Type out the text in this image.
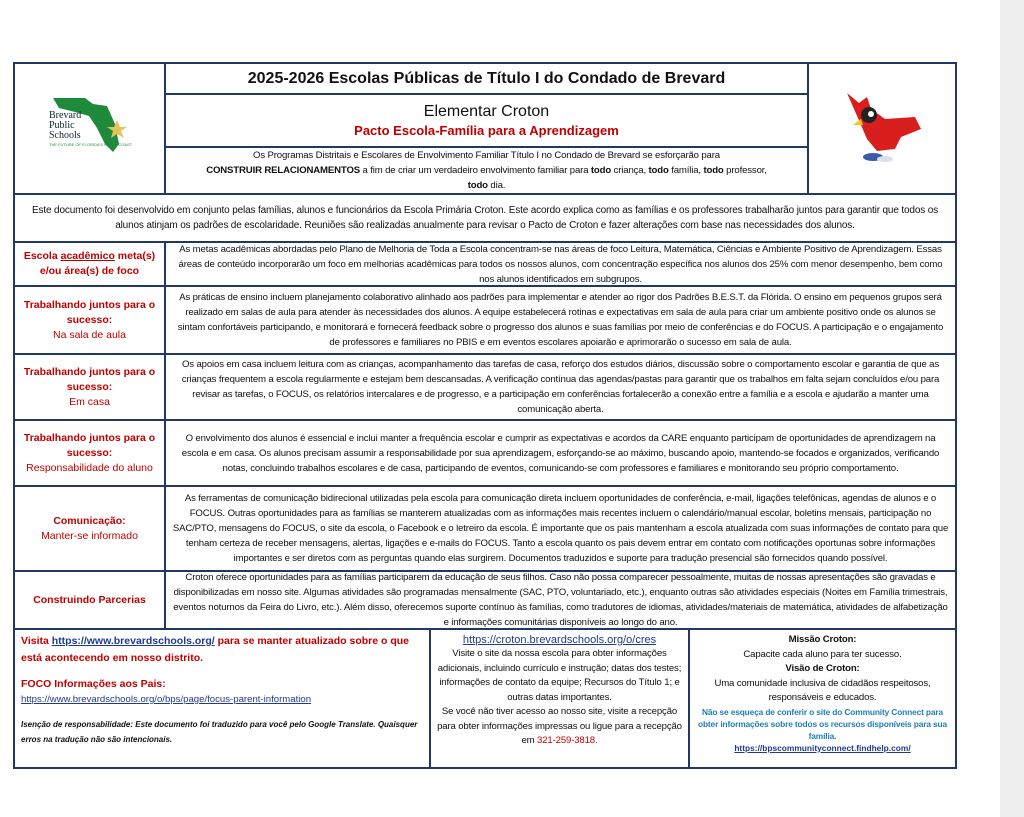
Brevard
Public
Schools
THE FUTURE OF FLORIDA'S SPACE COAST
2025-2026 Escolas Públicas de Título I do Condado de Brevard
Elementar Croton
Pacto Escola-Família para a Aprendizagem
Os Programas Distritais e Escolares de Envolvimento Familiar Título I no Condado de Brevard se esforçarão para
CONSTRUIR RELACIONAMENTOS a fim de criar um verdadeiro envolvimento familiar para todo criança, todo família, todo professor, todo dia.
Este documento foi desenvolvido em conjunto pelas famílias, alunos e funcionários da Escola Primária Croton. Este acordo explica como as famílias e os professores trabalharão juntos para garantir que todos os alunos atinjam os padrões de escolaridade. Reuniões são realizadas anualmente para revisar o Pacto de Croton e fazer alterações com base nas necessidades dos alunos.
Escola acadêmico meta(s) e/ou área(s) de foco
As metas acadêmicas abordadas pelo Plano de Melhoria de Toda a Escola concentram-se nas áreas de foco Leitura, Matemática, Ciências e Ambiente Positivo de Aprendizagem. Essas áreas de conteúdo incorporarão um foco em melhorias acadêmicas para todos os nossos alunos, com concentração específica nos alunos dos 25% com menor desempenho, bem como nos alunos identificados em subgrupos.
Trabalhando juntos para o sucesso:
Na sala de aula
As práticas de ensino incluem planejamento colaborativo alinhado aos padrões para implementar e atender ao rigor dos Padrões B.E.S.T. da Flórida. O ensino em pequenos grupos será realizado em salas de aula para atender às necessidades dos alunos. A equipe estabelecerá rotinas e expectativas em sala de aula para criar um ambiente positivo onde os alunos se sintam confortáveis participando, e monitorará e fornecerá feedback sobre o progresso dos alunos e suas famílias por meio de conferências e do FOCUS. A participação e o engajamento de professores e familiares no PBIS e em eventos escolares apoiarão e aprimorarão o sucesso em sala de aula.
Trabalhando juntos para o sucesso:
Em casa
Os apoios em casa incluem leitura com as crianças, acompanhamento das tarefas de casa, reforço dos estudos diários, discussão sobre o comportamento escolar e garantia de que as crianças frequentem a escola regularmente e estejam bem descansadas. A verificação contínua das agendas/pastas para garantir que os trabalhos em falta sejam concluídos e/ou para revisar as tarefas, o FOCUS, os relatórios intercalares e de progresso, e a participação em conferências fortalecerão a conexão entre a família e a escola e ajudarão a manter uma comunicação aberta.
Trabalhando juntos para o sucesso:
Responsabilidade do aluno
O envolvimento dos alunos é essencial e inclui manter a frequência escolar e cumprir as expectativas e acordos da CARE enquanto participam de oportunidades de aprendizagem na escola e em casa. Os alunos precisam assumir a responsabilidade por sua aprendizagem, esforçando-se ao máximo, buscando apoio, mantendo-se focados e organizados, verificando notas, concluindo trabalhos escolares e de casa, participando de eventos, comunicando-se com professores e familiares e monitorando seu próprio comportamento.
Comunicação:
Manter-se informado
As ferramentas de comunicação bidirecional utilizadas pela escola para comunicação direta incluem oportunidades de conferência, e-mail, ligações telefônicas, agendas de alunos e o FOCUS. Outras oportunidades para as famílias se manterem atualizadas com as informações mais recentes incluem o calendário/manual escolar, boletins mensais, participação no SAC/PTO, mensagens do FOCUS, o site da escola, o Facebook e o letreiro da escola. É importante que os pais mantenham a escola atualizada com suas informações de contato para que tenham certeza de receber mensagens, alertas, ligações e e-mails do FOCUS. Tanto a escola quanto os pais devem entrar em contato com notificações oportunas sobre informações importantes e ser diretos com as perguntas quando elas surgirem. Documentos traduzidos e suporte para tradução presencial são fornecidos quando possível.
Construindo Parcerias
Croton oferece oportunidades para as famílias participarem da educação de seus filhos. Caso não possa comparecer pessoalmente, muitas de nossas apresentações são gravadas e disponibilizadas em nosso site. Algumas atividades são programadas mensalmente (SAC, PTO, voluntariado, etc.), enquanto outras são atividades especiais (Noites em Família trimestrais, eventos noturnos da Feira do Livro, etc.). Além disso, oferecemos suporte contínuo às famílias, como tradutores de idiomas, atividades/materiais de matemática, atividades de alfabetização e informações comunitárias disponíveis ao longo do ano.
Visita https://www.brevardschools.org/ para se manter atualizado sobre o que está acontecendo em nosso distrito.
FOCO Informações aos Pais:
https://www.brevardschools.org/o/bps/page/focus-parent-information
Isenção de responsabilidade: Este documento foi traduzido para você pelo Google Translate. Quaisquer erros na tradução não são intencionais.
https://croton.brevardschools.org/o/cres
Visite o site da nossa escola para obter informações adicionais, incluindo currículo e instrução; datas dos testes; informações de contato da equipe; Recursos do Título 1; e outras datas importantes.
Se você não tiver acesso ao nosso site, visite a recepção para obter informações impressas ou ligue para a recepção em 321-259-3818.
Missão Croton:
Capacite cada aluno para ter sucesso.
Visão de Croton:
Uma comunidade inclusiva de cidadãos respeitosos, responsáveis e educados.
Não se esqueça de conferir o site do Community Connect para obter informações sobre todos os recursos disponíveis para sua família.
https://bpscommunityconnect.findhelp.com/
